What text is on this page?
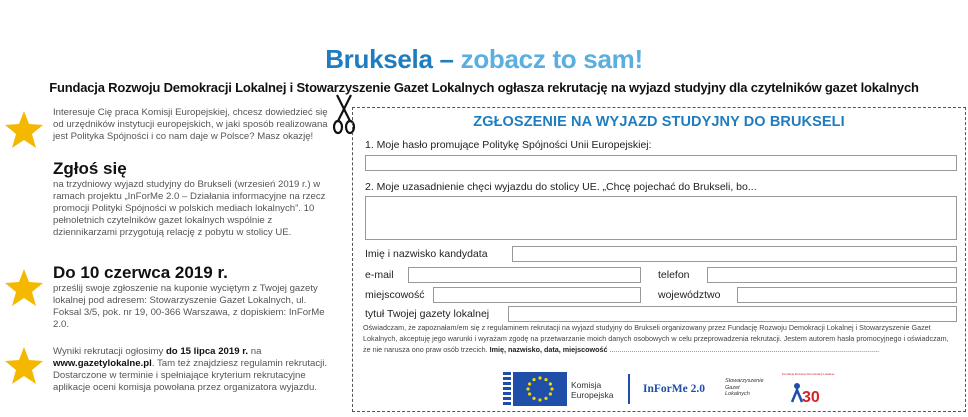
Bruksela – zobacz to sam!
Fundacja Rozwoju Demokracji Lokalnej i Stowarzyszenie Gazet Lokalnych ogłasza rekrutację na wyjazd studyjny dla czytelników gazet lokalnych
Interesuje Cię praca Komisji Europejskiej, chcesz dowiedzieć się od urzędników instytucji europejskich, w jaki sposób realizowana jest Polityka Spójności i co nam daje w Polsce? Masz okazję!
Zgłoś się
na trzydniowy wyjazd studyjny do Brukseli (wrzesień 2019 r.) w ramach projektu „InForMe 2.0 – Działania informacyjne na rzecz promocji Polityki Spójności w polskich mediach lokalnych”. 10 pełnoletnich czytelników gazet lokalnych wspólnie z dziennikarzami przygotują relację z pobytu w stolicy UE.
Do 10 czerwca 2019 r.
prześlij swoje zgłoszenie na kuponie wyciętym z Twojej gazety lokalnej pod adresem: Stowarzyszenie Gazet Lokalnych, ul. Foksal 3/5, pok. nr 19, 00-366 Warszawa, z dopiskiem: InForMe 2.0.
Wyniki rekrutacji ogłosimy do 15 lipca 2019 r. na www.gazetylokalne.pl. Tam też znajdziesz regulamin rekrutacji. Dostarczone w terminie i spełniające kryterium rekrutacyjne aplikacje oceni komisja powołana przez organizatora wyjazdu.
ZGŁOSZENIE NA WYJAZD STUDYJNY DO BRUKSELI
1. Moje hasło promujące Politykę Spójności Unii Europejskiej:
2. Moje uzasadnienie chęci wyjazdu do stolicy UE. „Chcę pojechać do Brukseli, bo...
Imię i nazwisko kandydata
e-mail	telefon
miejscowość	województwo
tytuł Twojej gazety lokalnej
Oświadczam, że zapoznałam/em się z regulaminem rekrutacji na wyjazd studyjny do Brukseli organizowany przez Fundację Rozwoju Demokracji Lokalnej i Stowarzyszenie Gazet Lokalnych, akceptuję jego warunki i wyrażam zgodę na przetwarzanie moich danych osobowych w celu przeprowadzenia rekrutacji. Jestem autorem hasła promocyjnego i oświadczam, że nie narusza ono praw osób trzecich. Imię, nazwisko, data, miejscowość .......................................................................................................................................
Komisja
Europejska	InForMe 2.0
Stowarzyszenie
Gazet
Lokalnych
Fundacja Rozwoju Demokracji Lokalnej
30
